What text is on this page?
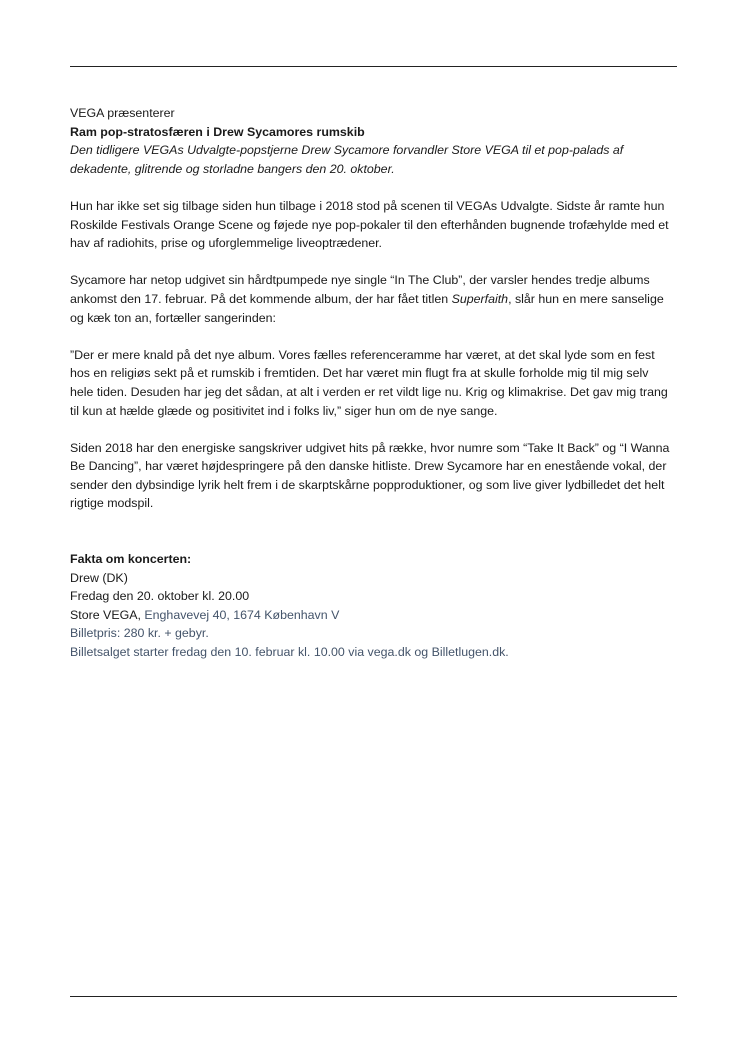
VEGA præsenterer

Ram pop-stratosfæren i Drew Sycamores rumskib

Den tidligere VEGAs Udvalgte-popstjerne Drew Sycamore forvandler Store VEGA til et pop-palads af dekadente, glitrende og storladne bangers den 20. oktober.

Hun har ikke set sig tilbage siden hun tilbage i 2018 stod på scenen til VEGAs Udvalgte. Sidste år ramte hun Roskilde Festivals Orange Scene og føjede nye pop-pokaler til den efterhånden bugnende trofæhylde med et hav af radiohits, prise og uforglemmelige liveoptrædener.

Sycamore har netop udgivet sin hårdtpumpede nye single “In The Club”, der varsler hendes tredje albums ankomst den 17. februar. På det kommende album, der har fået titlen Superfaith, slår hun en mere sanselige og kæk ton an, fortæller sangerinden:

”Der er mere knald på det nye album. Vores fælles referenceramme har været, at det skal lyde som en fest hos en religiøs sekt på et rumskib i fremtiden. Det har været min flugt fra at skulle forholde mig til mig selv hele tiden. Desuden har jeg det sådan, at alt i verden er ret vildt lige nu. Krig og klimakrise. Det gav mig trang til kun at hælde glæde og positivitet ind i folks liv,” siger hun om de nye sange.

Siden 2018 har den energiske sangskriver udgivet hits på række, hvor numre som “Take It Back” og “I Wanna Be Dancing”, har været højdespringere på den danske hitliste. Drew Sycamore har en enestående vokal, der sender den dybsindige lyrik helt frem i de skarptskårne popproduktioner, og som live giver lydbilledet det helt rigtige modspil.

Fakta om koncerten:

Drew (DK)

Fredag den 20. oktober kl. 20.00

Store VEGA, Enghavevej 40, 1674 København V

Billetpris: 280 kr. + gebyr.

Billetsalget starter fredag den 10. februar kl. 10.00 via vega.dk og Billetlugen.dk.
